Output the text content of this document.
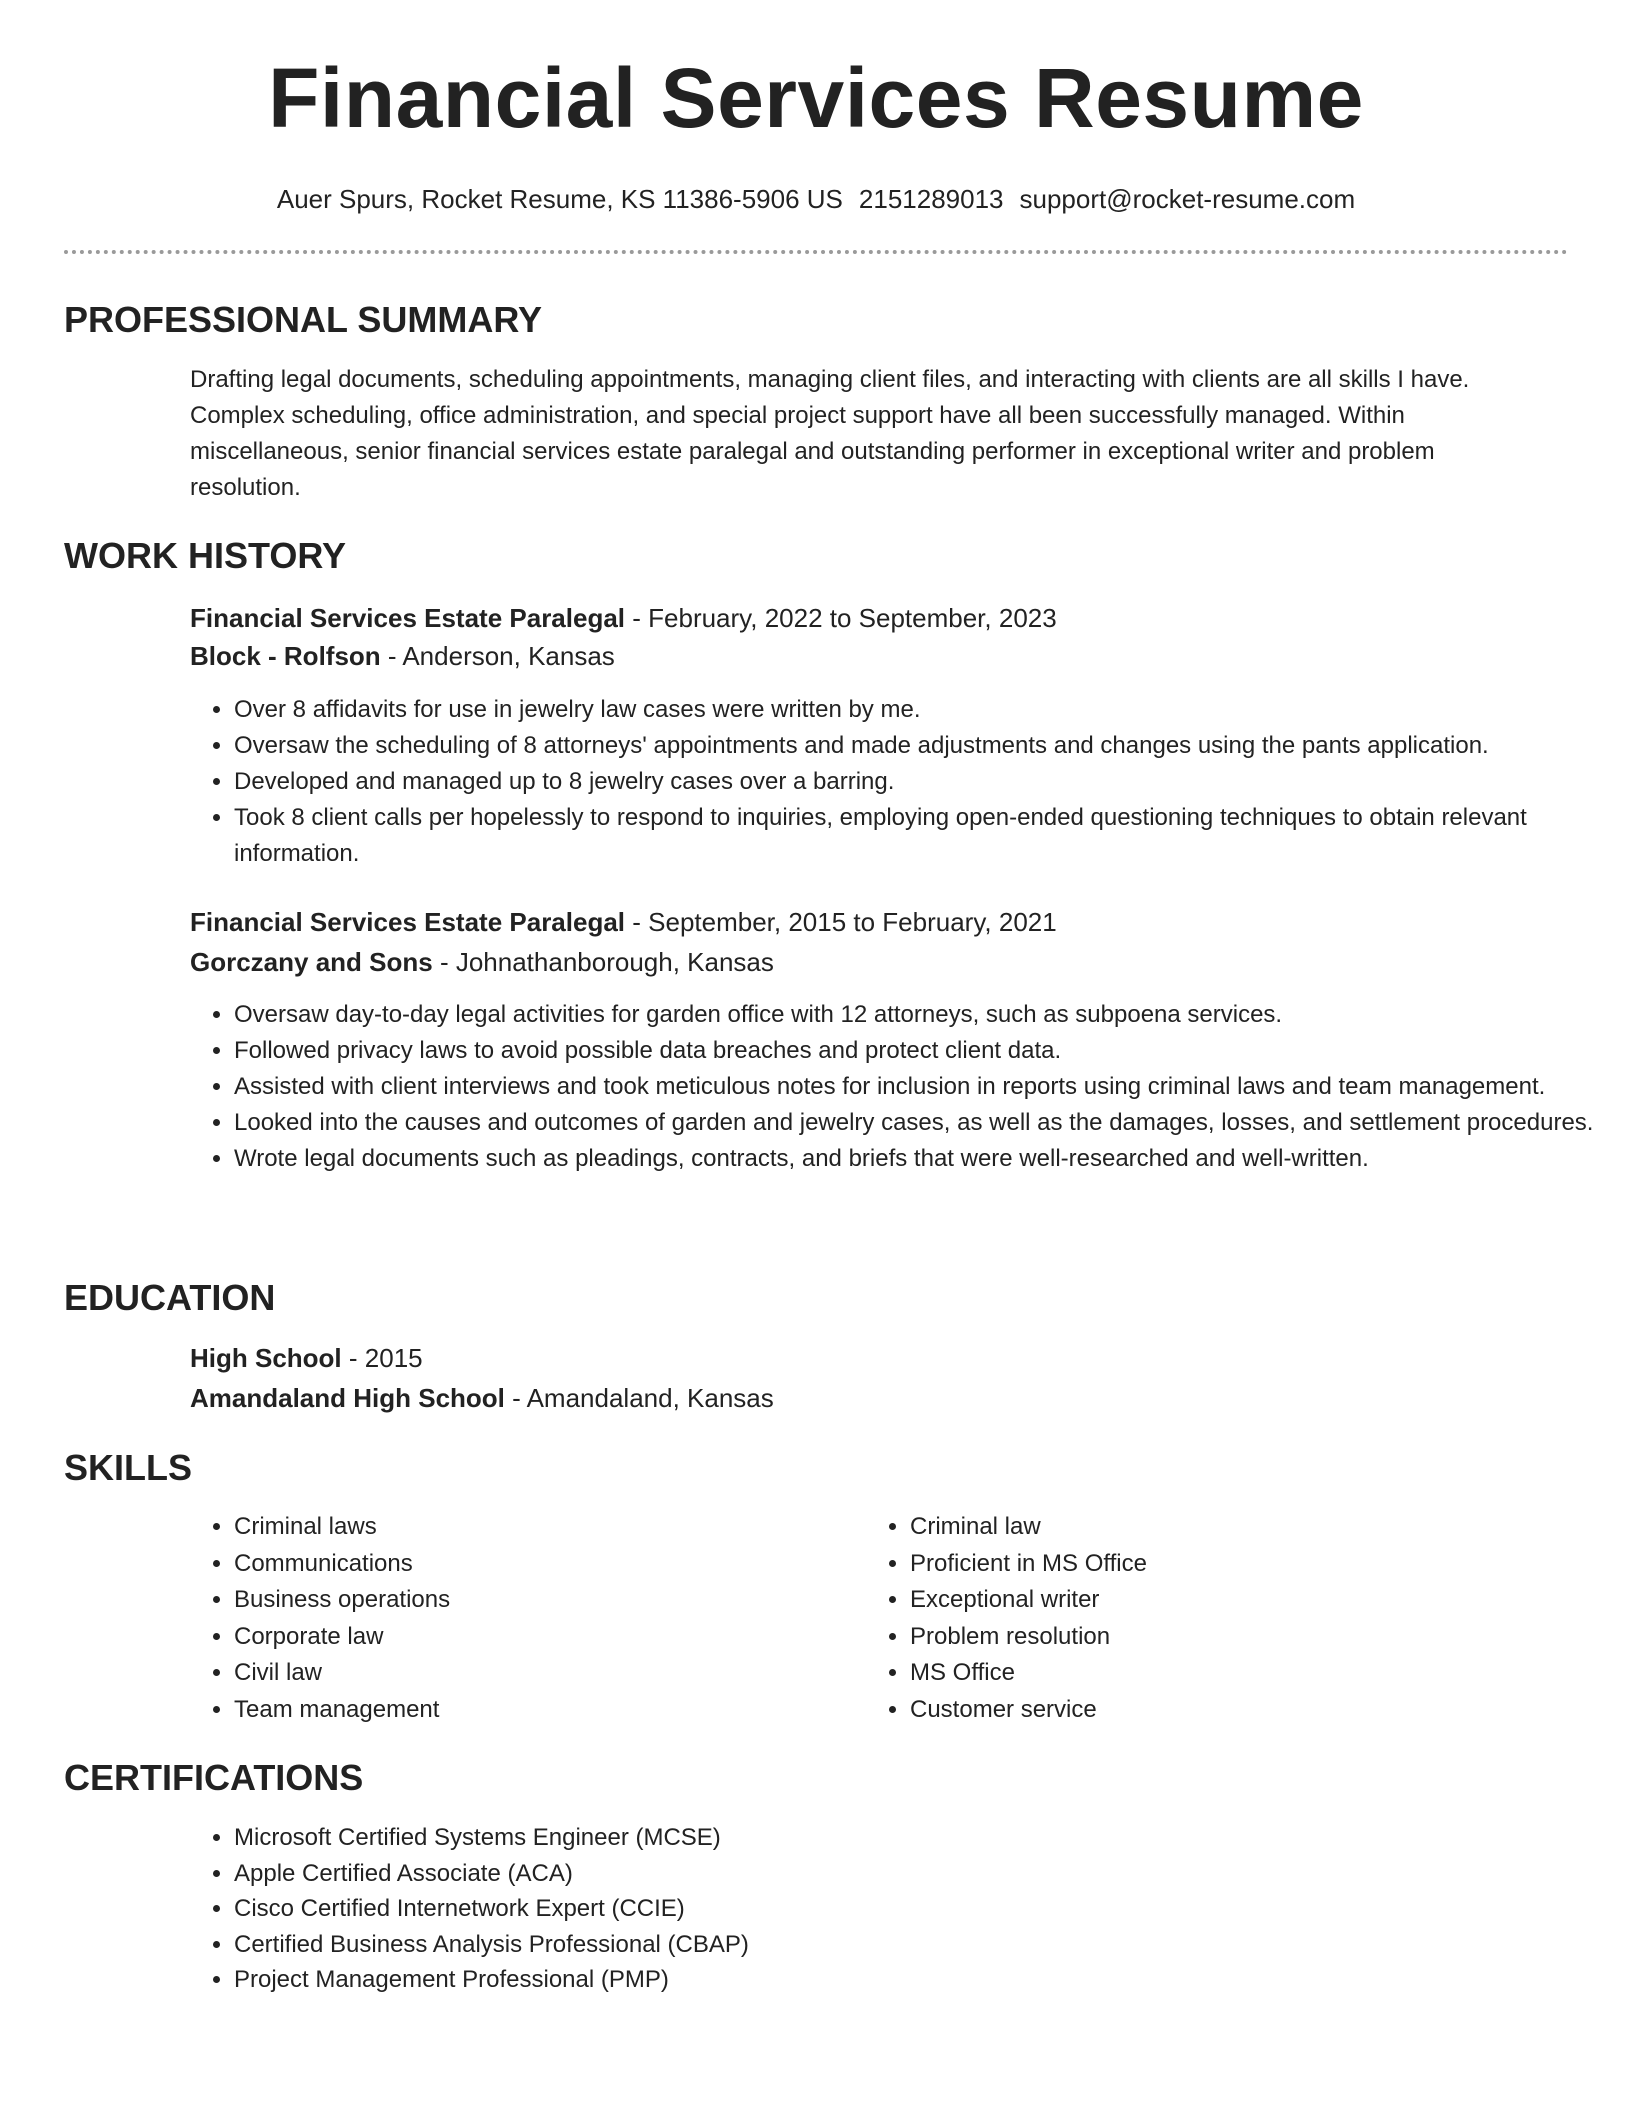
Financial Services Resume
Auer Spurs, Rocket Resume, KS 11386-5906 US 2151289013 support@rocket-resume.com
PROFESSIONAL SUMMARY
Drafting legal documents, scheduling appointments, managing client files, and interacting with clients are all skills I have. Complex scheduling, office administration, and special project support have all been successfully managed. Within miscellaneous, senior financial services estate paralegal and outstanding performer in exceptional writer and problem resolution.
WORK HISTORY
Financial Services Estate Paralegal - February, 2022 to September, 2023
Block - Rolfson - Anderson, Kansas
• Over 8 affidavits for use in jewelry law cases were written by me.
• Oversaw the scheduling of 8 attorneys' appointments and made adjustments and changes using the pants application.
• Developed and managed up to 8 jewelry cases over a barring.
• Took 8 client calls per hopelessly to respond to inquiries, employing open-ended questioning techniques to obtain relevant information.
Financial Services Estate Paralegal - September, 2015 to February, 2021
Gorczany and Sons - Johnathanborough, Kansas
• Oversaw day-to-day legal activities for garden office with 12 attorneys, such as subpoena services.
• Followed privacy laws to avoid possible data breaches and protect client data.
• Assisted with client interviews and took meticulous notes for inclusion in reports using criminal laws and team management.
• Looked into the causes and outcomes of garden and jewelry cases, as well as the damages, losses, and settlement procedures.
• Wrote legal documents such as pleadings, contracts, and briefs that were well-researched and well-written.
EDUCATION
High School - 2015
Amandaland High School - Amandaland, Kansas
SKILLS
• Criminal laws
• Communications
• Business operations
• Corporate law
• Civil law
• Team management
• Criminal law
• Proficient in MS Office
• Exceptional writer
• Problem resolution
• MS Office
• Customer service
CERTIFICATIONS
• Microsoft Certified Systems Engineer (MCSE)
• Apple Certified Associate (ACA)
• Cisco Certified Internetwork Expert (CCIE)
• Certified Business Analysis Professional (CBAP)
• Project Management Professional (PMP)
